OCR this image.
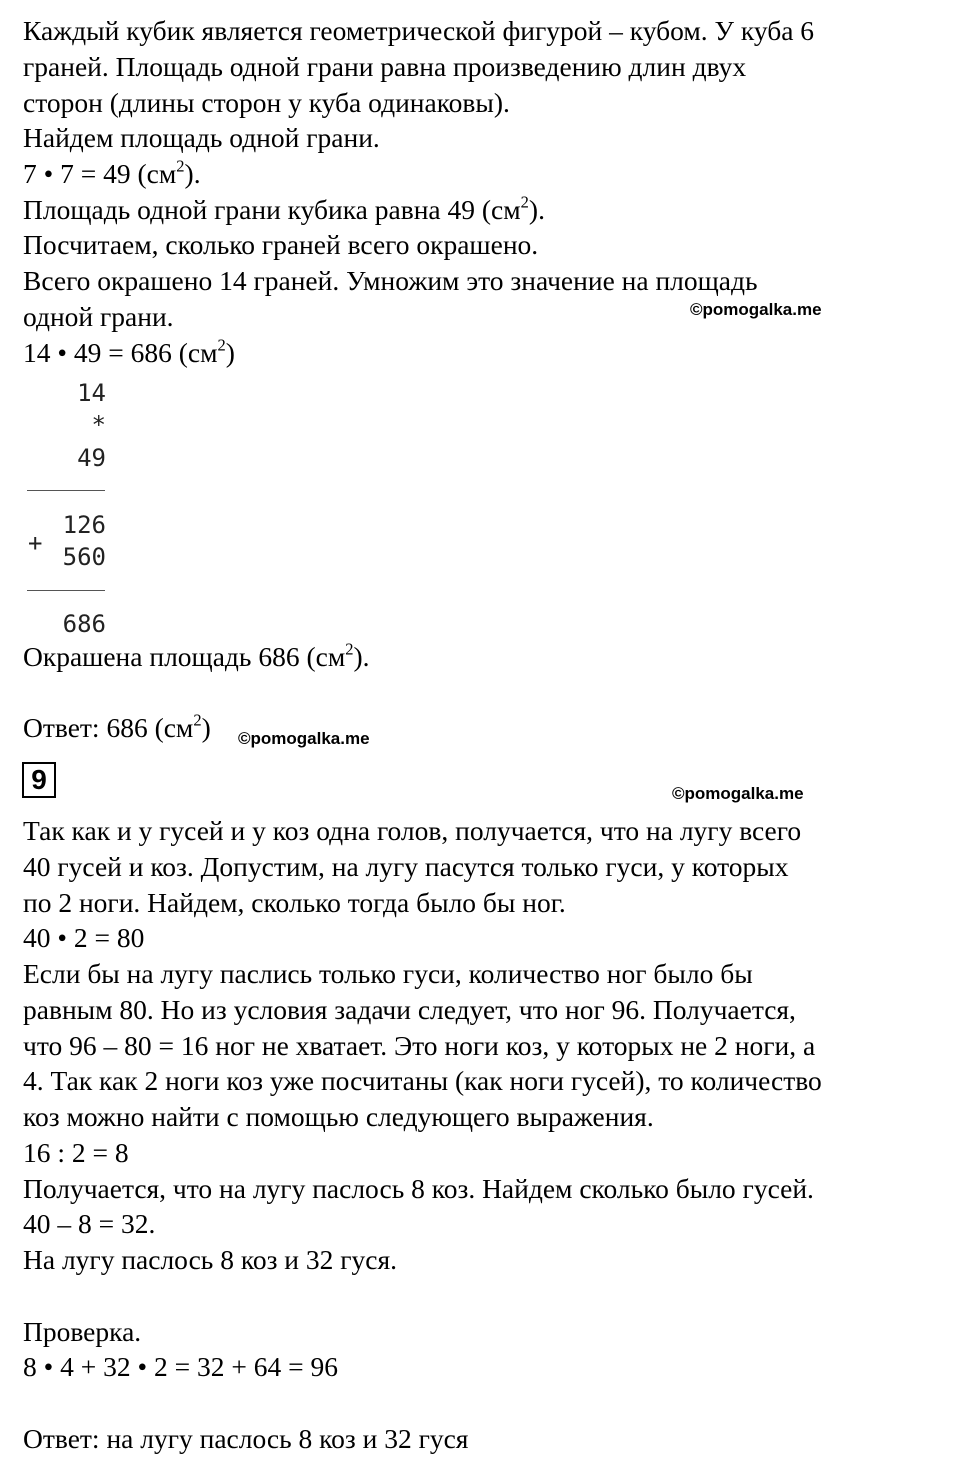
Каждый кубик является геометрической фигурой – кубом. У куба 6

граней. Площадь одной грани равна произведению длин двух

сторон (длины сторон у куба одинаковы).

Найдем площадь одной грани.

7 • 7 = 49 $(см^2)$.

Площадь одной грани кубика равна 49 $(см^2)$.

Посчитаем, сколько граней всего окрашено.

Всего окрашено 14 граней. Умножим это значение на площадь

одной грани.	©pomogalka.me

14 • 49 = 686 $(см^2)$

14
*
49
126
+ 560
686

Окрашена площадь 686 $(см^2)$.

Ответ: 686 $(см^2)$ ©pomogalka.me
9	©pomogalka.me

Так как и у гусей и у коз одна голов, получается, что на лугу всего

40 гусей и коз. Допустим, на лугу пасутся только гуси, у которых

по 2 ноги. Найдем, сколько тогда было бы ног.

40 • 2 = 80

Если бы на лугу паслись только гуси, количество ног было бы

равным 80. Но из условия задачи следует, что ног 96. Получается,

что 96 – 80 = 16 ног не хватает. Это ноги коз, у которых не 2 ноги, а

4. Так как 2 ноги коз уже посчитаны (как ноги гусей), то количество

коз можно найти с помощью следующего выражения.

16 : 2 = 8

Получается, что на лугу паслось 8 коз. Найдем сколько было гусей.

40 – 8 = 32.

На лугу паслось 8 коз и 32 гуся.

Проверка.

8 • 4 + 32 • 2 = 32 + 64 = 96

Ответ: на лугу паслось 8 коз и 32 гуся
